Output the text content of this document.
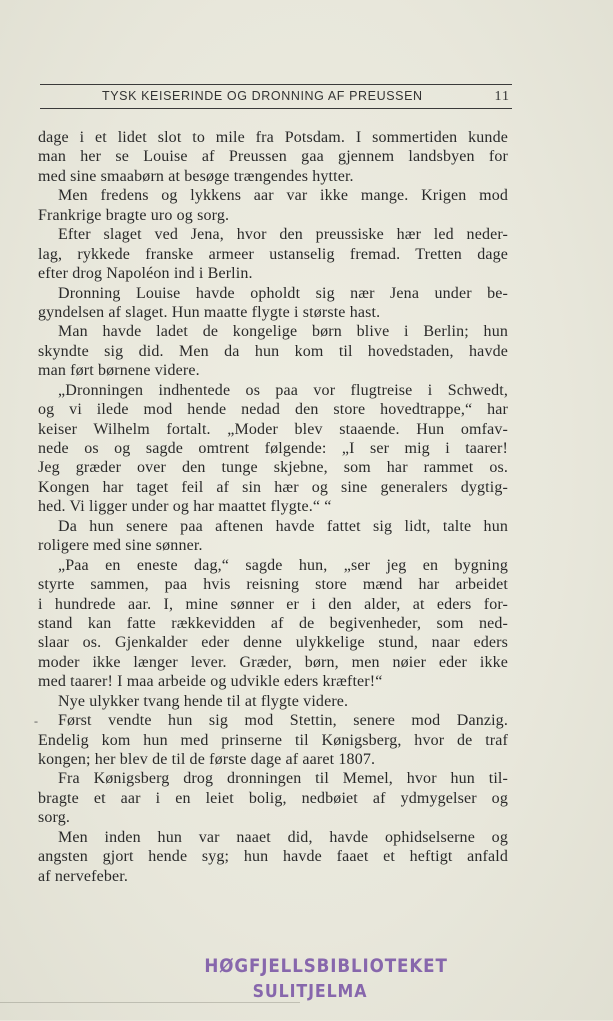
TYSK KEISERINDE OG DRONNING AF PREUSSEN	11
dage i et lidet slot to mile fra Potsdam. I sommertiden kunde
man her se Louise af Preussen gaa gjennem landsbyen for
med sine smaabørn at besøge trængendes hytter.
Men fredens og lykkens aar var ikke mange. Krigen mod
Frankrige bragte uro og sorg.
Efter slaget ved Jena, hvor den preussiske hær led neder-
lag, rykkede franske armeer ustanselig fremad. Tretten dage
efter drog Napoléon ind i Berlin.
Dronning Louise havde opholdt sig nær Jena under be-
gyndelsen af slaget. Hun maatte flygte i største hast.
Man havde ladet de kongelige børn blive i Berlin; hun
skyndte sig did. Men da hun kom til hovedstaden, havde
man ført børnene videre.
„Dronningen indhentede os paa vor flugtreise i Schwedt,
og vi ilede mod hende nedad den store hovedtrappe,“ har
keiser Wilhelm fortalt. „Moder blev staaende. Hun omfav-
nede os og sagde omtrent følgende: „I ser mig i taarer!
Jeg græder over den tunge skjebne, som har rammet os.
Kongen har taget feil af sin hær og sine generalers dygtig-
hed. Vi ligger under og har maattet flygte.“ “
Da hun senere paa aftenen havde fattet sig lidt, talte hun
roligere med sine sønner.
„Paa en eneste dag,“ sagde hun, „ser jeg en bygning
styrte sammen, paa hvis reisning store mænd har arbeidet
i hundrede aar. I, mine sønner er i den alder, at eders for-
stand kan fatte rækkevidden af de begivenheder, som ned-
slaar os. Gjenkalder eder denne ulykkelige stund, naar eders
moder ikke længer lever. Græder, børn, men nøier eder ikke
med taarer! I maa arbeide og udvikle eders kræfter!“
Nye ulykker tvang hende til at flygte videre.
Først vendte hun sig mod Stettin, senere mod Danzig.
Endelig kom hun med prinserne til Kønigsberg, hvor de traf
kongen; her blev de til de første dage af aaret 1807.
Fra Kønigsberg drog dronningen til Memel, hvor hun til-
bragte et aar i en leiet bolig, nedbøiet af ydmygelser og
sorg.
Men inden hun var naaet did, havde ophidselserne og
angsten gjort hende syg; hun havde faaet et heftigt anfald
af nervefeber.
‐
HØGFJELLSBIBLIOTEKET
SULITJELMA
